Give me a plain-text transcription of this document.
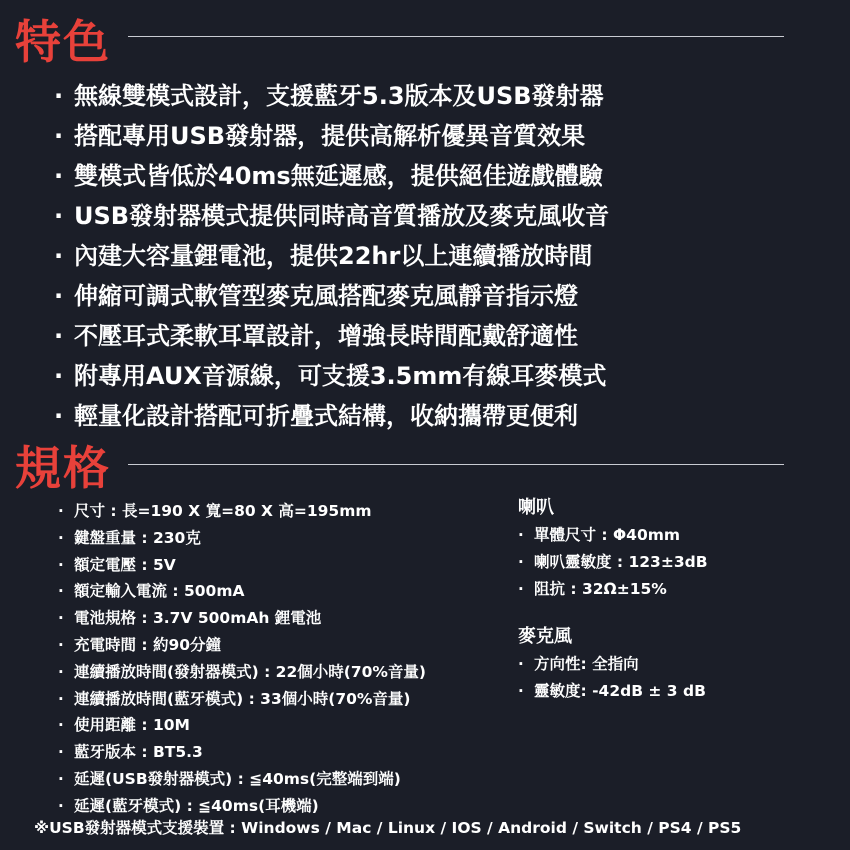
特色
· 無線雙模式設計，支援藍牙5.3版本及USB發射器
· 搭配專用USB發射器，提供高解析優異音質效果
· 雙模式皆低於40ms無延遲感，提供絕佳遊戲體驗
· USB發射器模式提供同時高音質播放及麥克風收音
· 內建大容量鋰電池，提供22hr以上連續播放時間
· 伸縮可調式軟管型麥克風搭配麥克風靜音指示燈
· 不壓耳式柔軟耳罩設計，增強長時間配戴舒適性
· 附專用AUX音源線，可支援3.5mm有線耳麥模式
· 輕量化設計搭配可折疊式結構，收納攜帶更便利
規格
· 尺寸 : 長=190 X 寬=80 X 高=195mm
· 鍵盤重量 : 230克
· 額定電壓 : 5V
· 額定輸入電流 : 500mA
· 電池規格 : 3.7V 500mAh 鋰電池
· 充電時間 : 約90分鐘
· 連續播放時間(發射器模式) : 22個小時(70%音量)
· 連續播放時間(藍牙模式) : 33個小時(70%音量)
· 使用距離 : 10M
· 藍牙版本 : BT5.3
· 延遲(USB發射器模式) : ≦40ms(完整端到端)
· 延遲(藍牙模式) : ≦40ms(耳機端)
喇叭
· 單體尺寸 : Φ40mm
· 喇叭靈敏度 : 123±3dB
· 阻抗 : 32Ω±15%
麥克風
· 方向性: 全指向
· 靈敏度: -42dB ± 3 dB
※USB發射器模式支援裝置 : Windows / Mac / Linux / IOS / Android / Switch / PS4 / PS5
